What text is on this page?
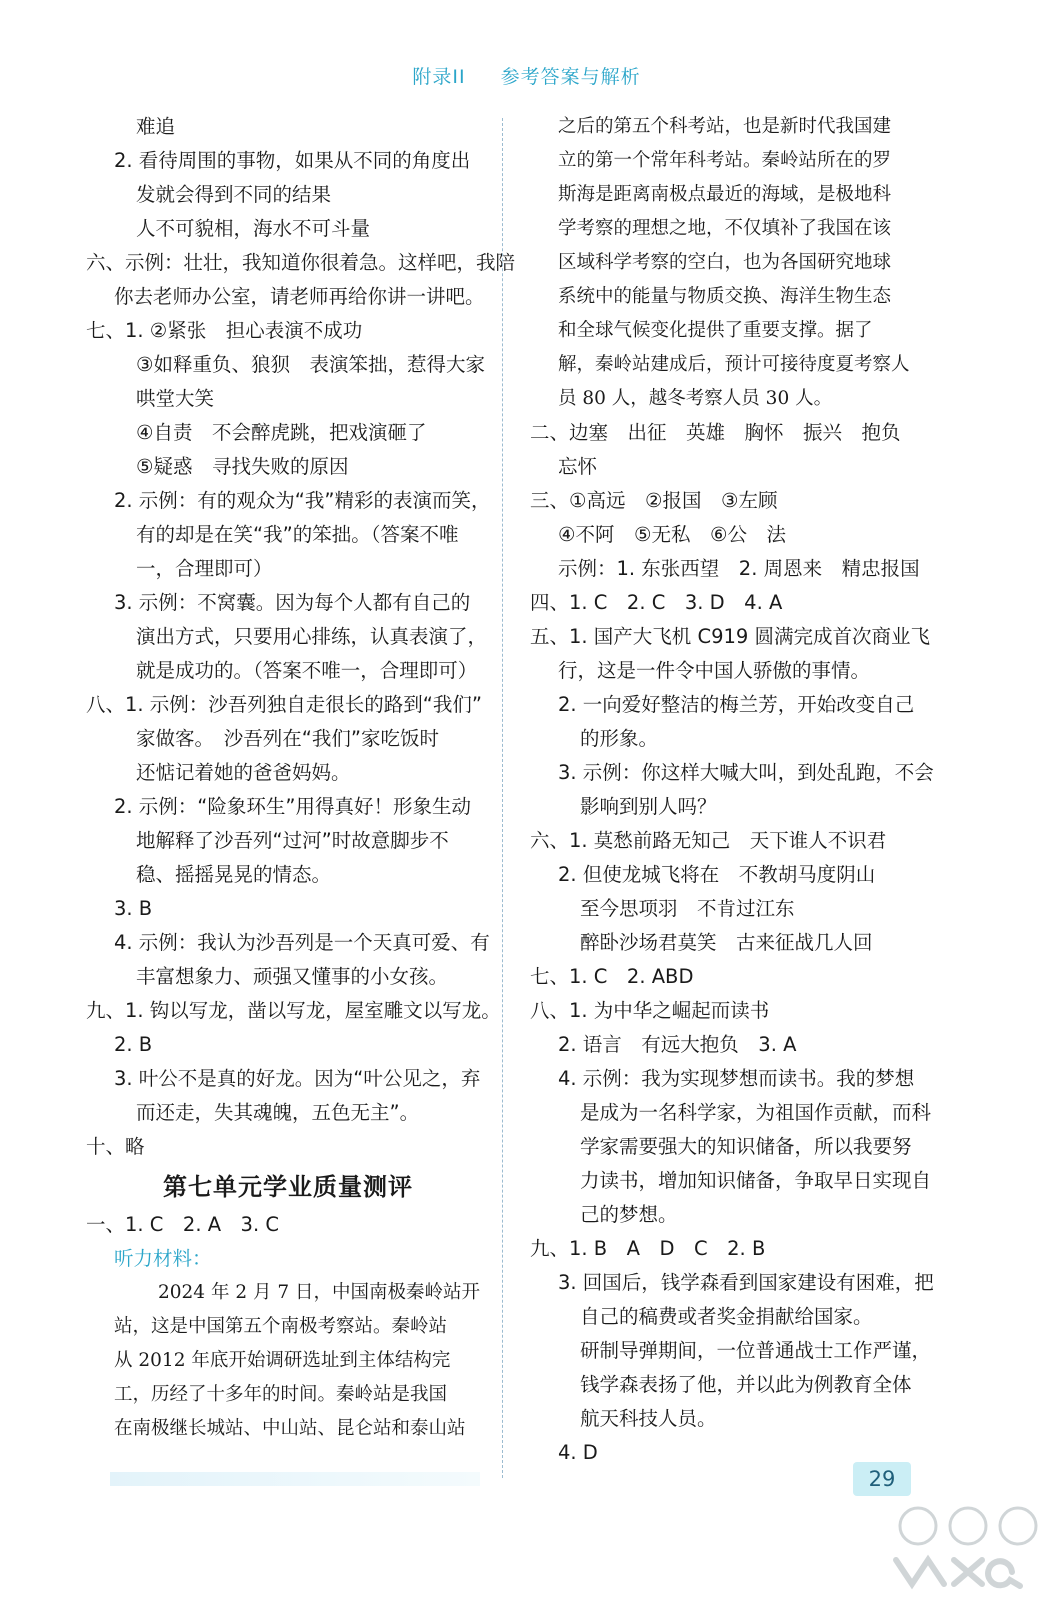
附录II 参考答案与解析
难追
2. 看待周围的事物，如果从不同的角度出
发就会得到不同的结果
人不可貌相，海水不可斗量
六、示例：壮壮，我知道你很着急。这样吧，我陪
你去老师办公室，请老师再给你讲一讲吧。
七、1. ②紧张　担心表演不成功
③如释重负、狼狈　表演笨拙，惹得大家
哄堂大笑
④自责　不会醉虎跳，把戏演砸了
⑤疑惑　寻找失败的原因
2. 示例：有的观众为“我”精彩的表演而笑，
有的却是在笑“我”的笨拙。（答案不唯
一，合理即可）
3. 示例：不窝囊。因为每个人都有自己的
演出方式，只要用心排练，认真表演了，
就是成功的。（答案不唯一，合理即可）
八、1. 示例：沙吾列独自走很长的路到“我们”
家做客。　沙吾列在“我们”家吃饭时
还惦记着她的爸爸妈妈。
2. 示例：“险象环生”用得真好！形象生动
地解释了沙吾列“过河”时故意脚步不
稳、摇摇晃晃的情态。
3. B
4. 示例：我认为沙吾列是一个天真可爱、有
丰富想象力、顽强又懂事的小女孩。
九、1. 钩以写龙，凿以写龙，屋室雕文以写龙。
2. B
3. 叶公不是真的好龙。因为“叶公见之，弃
而还走，失其魂魄，五色无主”。
十、略
第七单元学业质量测评
一、1. C　2. A　3. C
听力材料：
2024 年 2 月 7 日，中国南极秦岭站开
站，这是中国第五个南极考察站。秦岭站
从 2012 年底开始调研选址到主体结构完
工，历经了十多年的时间。秦岭站是我国
在南极继长城站、中山站、昆仑站和泰山站
之后的第五个科考站，也是新时代我国建
立的第一个常年科考站。秦岭站所在的罗
斯海是距离南极点最近的海域，是极地科
学考察的理想之地，不仅填补了我国在该
区域科学考察的空白，也为各国研究地球
系统中的能量与物质交换、海洋生物生态
和全球气候变化提供了重要支撑。据了
解，秦岭站建成后，预计可接待度夏考察人
员 80 人，越冬考察人员 30 人。
二、边塞　出征　英雄　胸怀　振兴　抱负
忘怀
三、①高远　②报国　③左顾
④不阿　⑤无私　⑥公　法
示例：1. 东张西望　2. 周恩来　精忠报国
四、1. C　2. C　3. D　4. A
五、1. 国产大飞机 C919 圆满完成首次商业飞
行，这是一件令中国人骄傲的事情。
2. 一向爱好整洁的梅兰芳，开始改变自己
的形象。
3. 示例：你这样大喊大叫，到处乱跑，不会
影响到别人吗？
六、1. 莫愁前路无知己　天下谁人不识君
2. 但使龙城飞将在　不教胡马度阴山
至今思项羽　不肯过江东
醉卧沙场君莫笑　古来征战几人回
七、1. C　2. ABD
八、1. 为中华之崛起而读书
2. 语言　有远大抱负　3. A
4. 示例：我为实现梦想而读书。我的梦想
是成为一名科学家，为祖国作贡献，而科
学家需要强大的知识储备，所以我要努
力读书，增加知识储备，争取早日实现自
己的梦想。
九、1. B　A　D　C　2. B
3. 回国后，钱学森看到国家建设有困难，把
自己的稿费或者奖金捐献给国家。
研制导弹期间，一位普通战士工作严谨，
钱学森表扬了他，并以此为例教育全体
航天科技人员。
4. D
29
